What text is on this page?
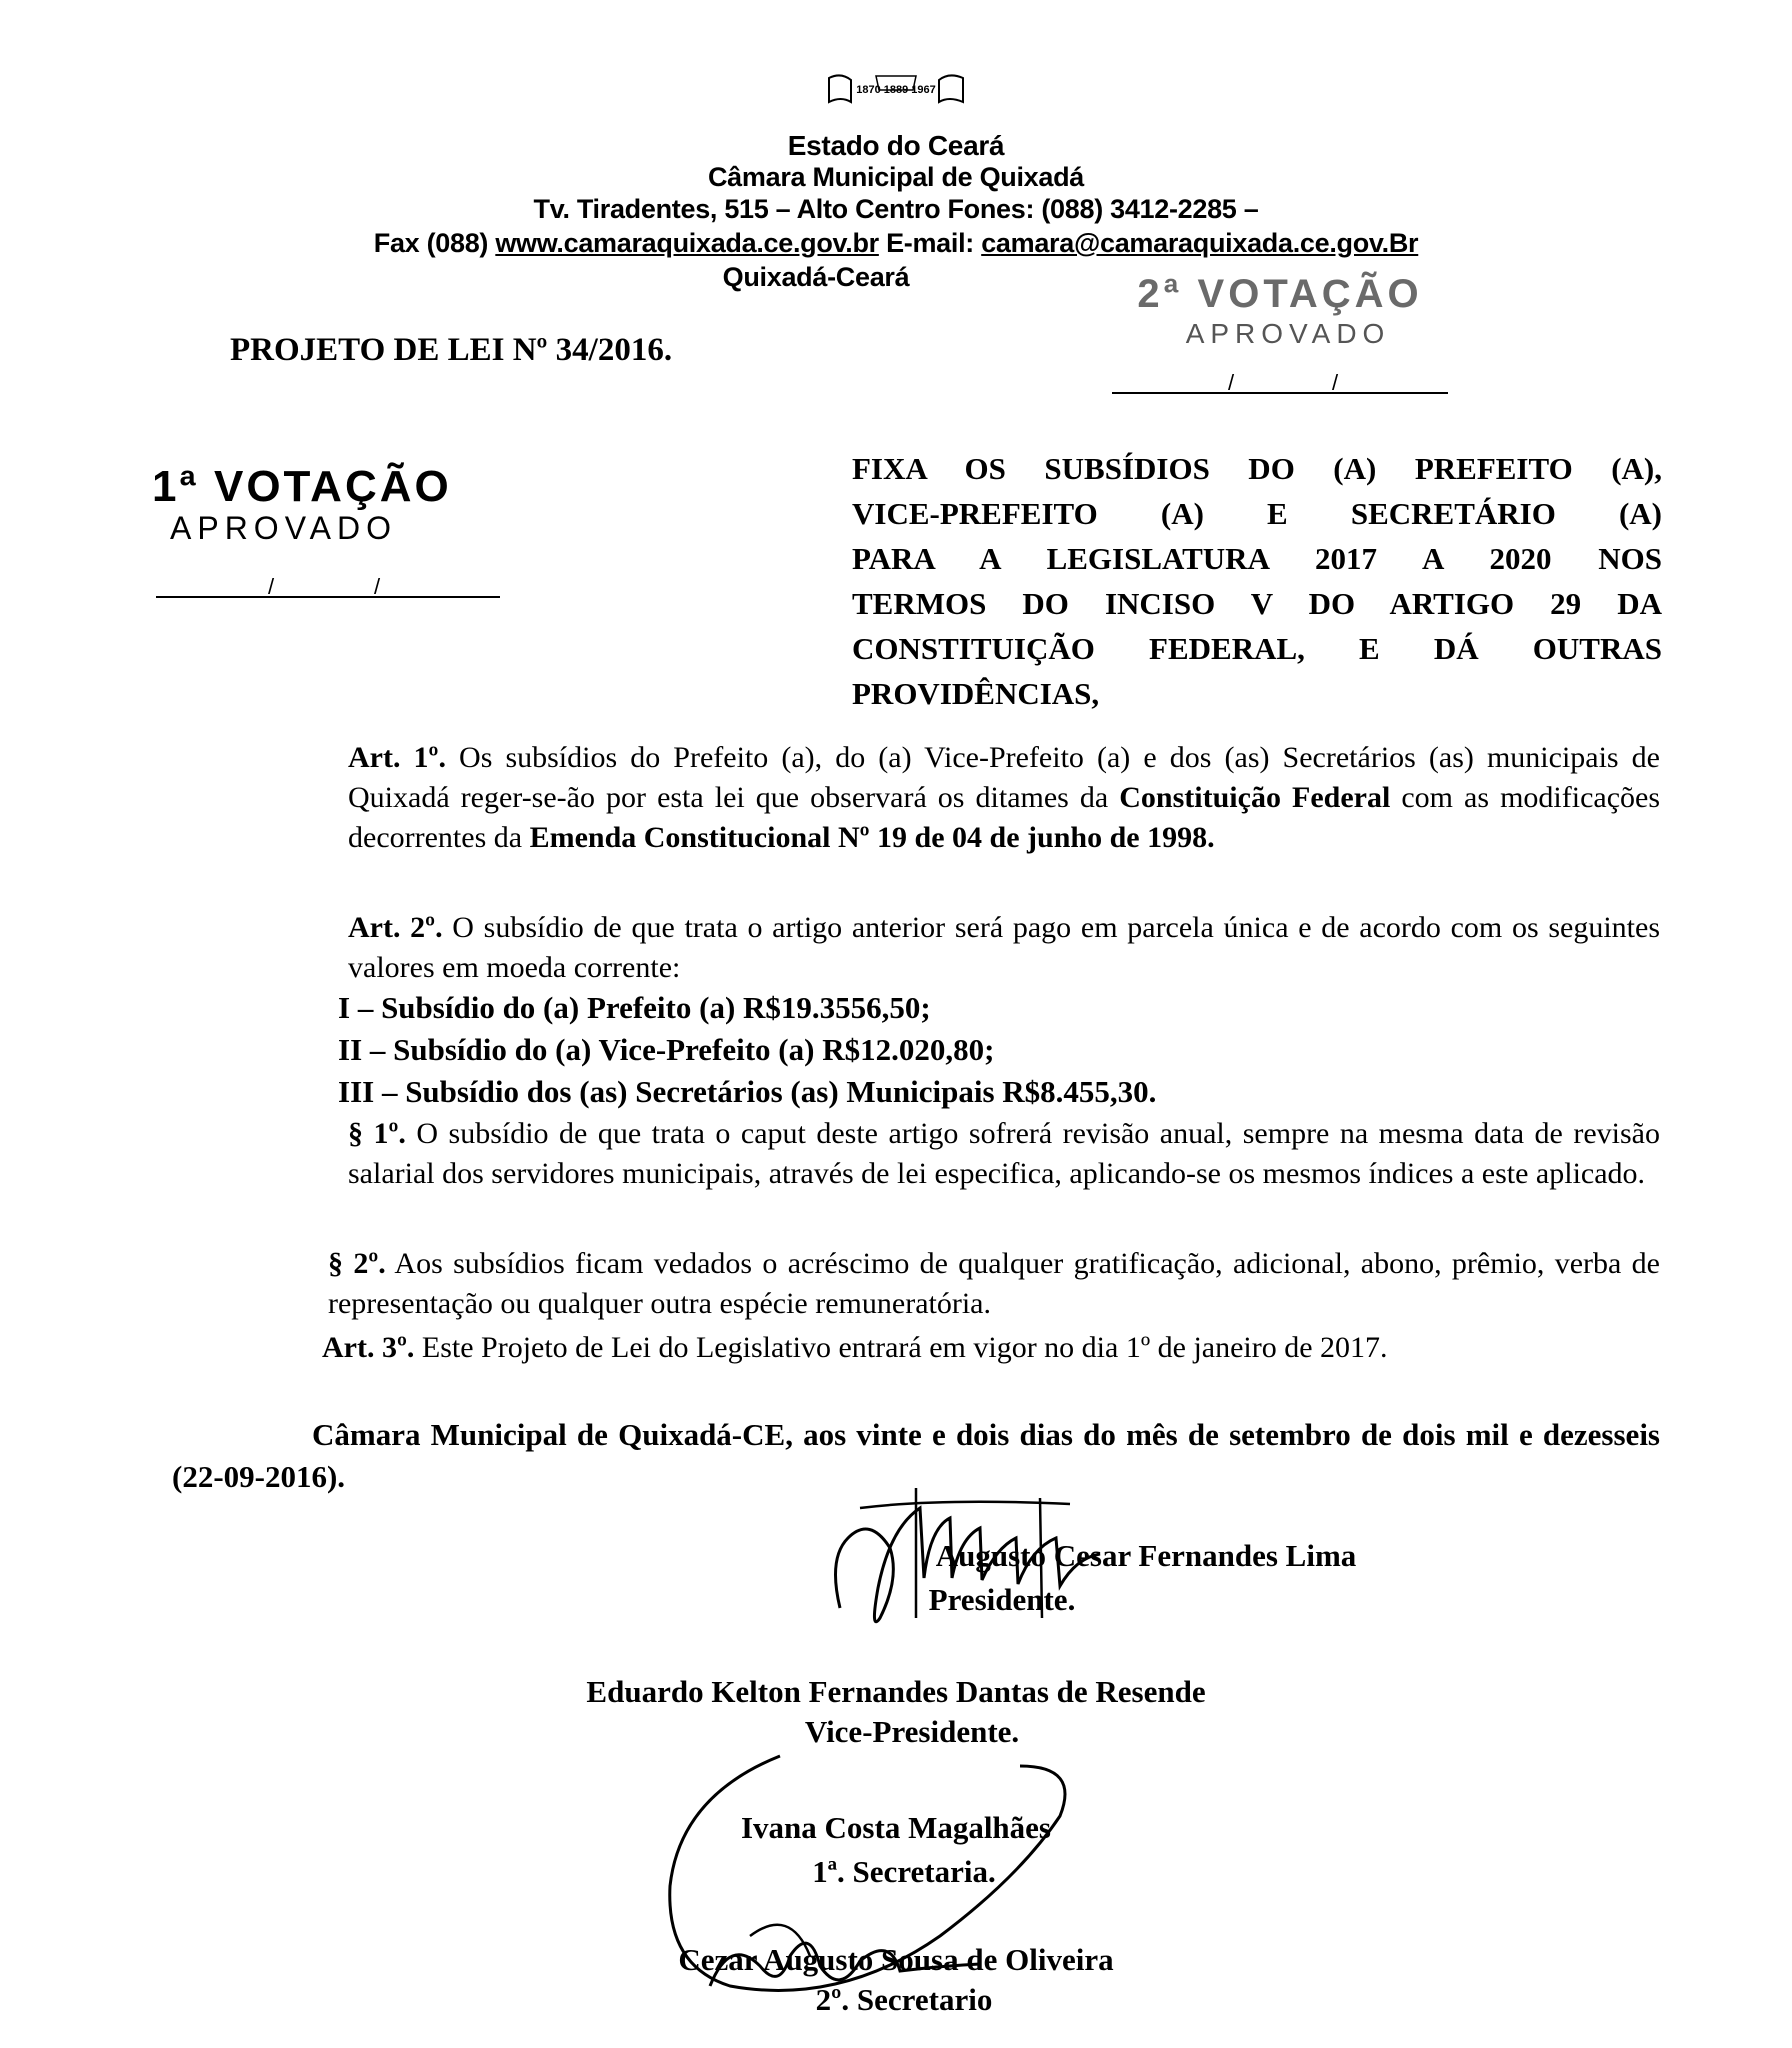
1870 1889 1967
Estado do Ceará
Câmara Municipal de Quixadá
Tv. Tiradentes, 515 – Alto Centro Fones: (088) 3412-2285 –
Fax (088) www.camaraquixada.ce.gov.br E-mail: camara@camaraquixada.ce.gov.Br
Quixadá-Ceará	2ª VOTAÇÃO
APROVADO
/	/
PROJETO DE LEI Nº 34/2016.
1ª VOTAÇÃO
APROVADO
/	/
FIXA OS SUBSÍDIOS DO (A) PREFEITO (A),
VICE-PREFEITO (A) E SECRETÁRIO (A)
PARA A LEGISLATURA 2017 A 2020 NOS
TERMOS DO INCISO V DO ARTIGO 29 DA
CONSTITUIÇÃO FEDERAL, E DÁ OUTRAS
PROVIDÊNCIAS,
Art. 1º. Os subsídios do Prefeito (a), do (a) Vice-Prefeito (a) e dos (as) Secretários (as) municipais de Quixadá reger-se-ão por esta lei que observará os ditames da Constituição Federal com as modificações decorrentes da Emenda Constitucional Nº 19 de 04 de junho de 1998.
Art. 2º. O subsídio de que trata o artigo anterior será pago em parcela única e de acordo com os seguintes valores em moeda corrente:
I – Subsídio do (a) Prefeito (a) R$19.3556,50;
II – Subsídio do (a) Vice-Prefeito (a) R$12.020,80;
III – Subsídio dos (as) Secretários (as) Municipais R$8.455,30.
§ 1º. O subsídio de que trata o caput deste artigo sofrerá revisão anual, sempre na mesma data de revisão salarial dos servidores municipais, através de lei especifica, aplicando-se os mesmos índices a este aplicado.
§ 2º. Aos subsídios ficam vedados o acréscimo de qualquer gratificação, adicional, abono, prêmio, verba de representação ou qualquer outra espécie remuneratória.
Art. 3º. Este Projeto de Lei do Legislativo entrará em vigor no dia 1º de janeiro de 2017.
Câmara Municipal de Quixadá-CE, aos vinte e dois dias do mês de setembro de dois mil e dezesseis (22-09-2016).
Augusto Cesar Fernandes Lima
Presidente.
Eduardo Kelton Fernandes Dantas de Resende
Vice-Presidente.
Ivana Costa Magalhães
1ª. Secretaria.
Cezar Augusto Sousa de Oliveira
2º. Secretario
